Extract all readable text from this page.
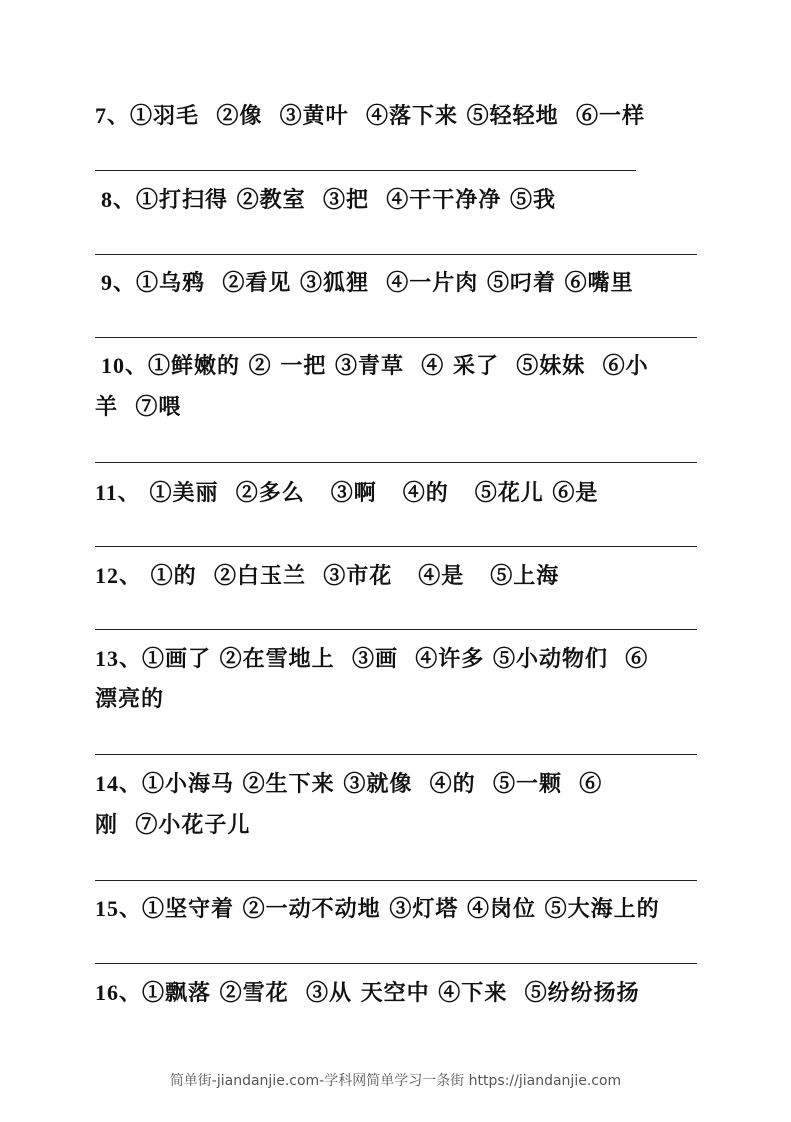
7、①羽毛  ②像  ③黄叶  ④落下来 ⑤轻轻地  ⑥一样

8、①打扫得 ②教室  ③把  ④干干净净 ⑤我

9、①乌鸦  ②看见 ③狐狸  ④一片肉 ⑤叼着 ⑥嘴里

10、①鲜嫩的 ② 一把 ③青草  ④ 采了  ⑤妹妹  ⑥小

羊  ⑦喂

11、 ①美丽  ②多么   ③啊   ④的   ⑤花儿 ⑥是

12、 ①的  ②白玉兰  ③市花   ④是   ⑤上海

13、①画了 ②在雪地上  ③画  ④许多 ⑤小动物们  ⑥

漂亮的

14、①小海马 ②生下来 ③就像  ④的  ⑤一颗  ⑥

刚  ⑦小花子儿

15、①坚守着 ②一动不动地 ③灯塔 ④岗位 ⑤大海上的

16、①飘落 ②雪花  ③从 天空中 ④下来  ⑤纷纷扬扬

简单街-jiandanjie.com-学科网简单学习一条街 https://jiandanjie.com
